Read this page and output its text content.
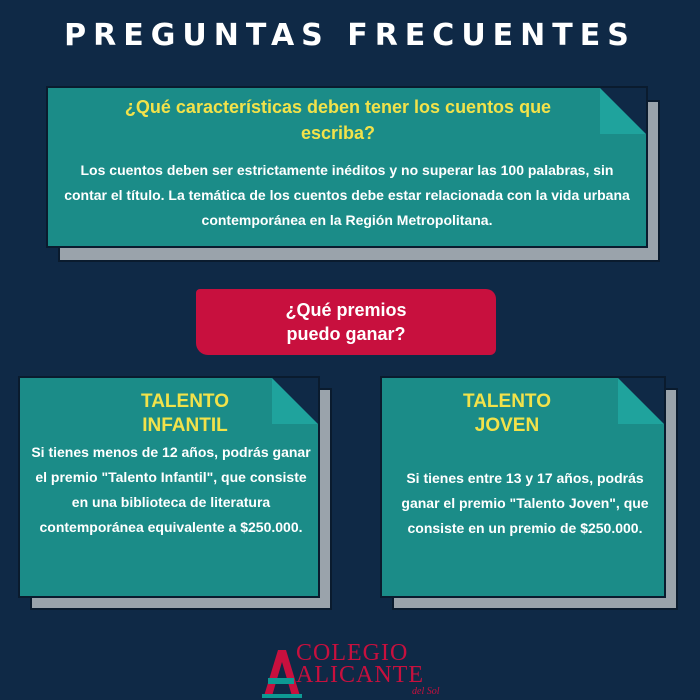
PREGUNTAS FRECUENTES
¿Qué características deben tener los cuentos que escriba?
Los cuentos deben ser estrictamente inéditos y no superar las 100 palabras, sin contar el título. La temática de los cuentos debe estar relacionada con la vida urbana contemporánea en la Región Metropolitana.
¿Qué premios puedo ganar?
TALENTO INFANTIL
Si tienes menos de 12 años, podrás ganar el premio "Talento Infantil", que consiste en una biblioteca de literatura contemporánea equivalente a $250.000.
TALENTO JOVEN
Si tienes entre 13 y 17 años, podrás ganar el premio "Talento Joven", que consiste en un premio de $250.000.
COLEGIO
ALICANTE
del Sol
